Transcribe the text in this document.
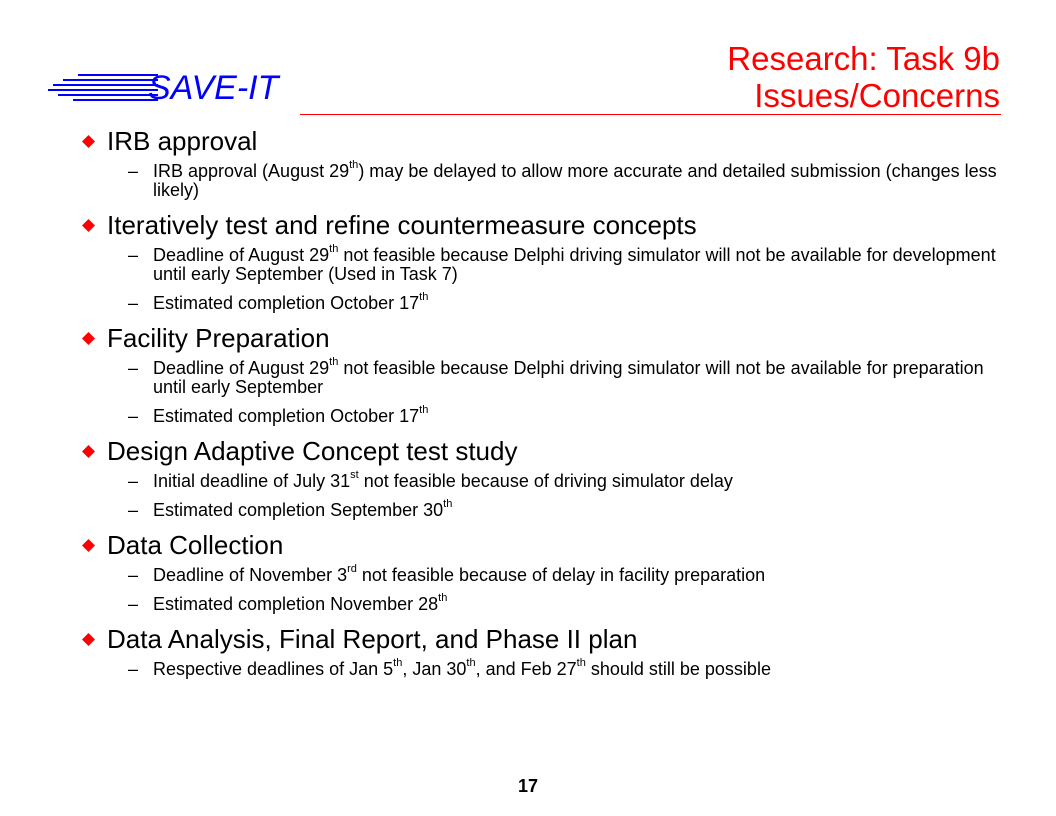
SAVE-IT
Research: Task 9b
Issues/Concerns
IRB approval
– IRB approval (August 29th) may be delayed to allow more accurate and detailed submission (changes less likely)
Iteratively test and refine countermeasure concepts
– Deadline of August 29th not feasible because Delphi driving simulator will not be available for development until early September (Used in Task 7)
– Estimated completion October 17th
Facility Preparation
– Deadline of August 29th not feasible because Delphi driving simulator will not be available for preparation until early September
– Estimated completion October 17th
Design Adaptive Concept test study
– Initial deadline of July 31st not feasible because of driving simulator delay
– Estimated completion September 30th
Data Collection
– Deadline of November 3rd not feasible because of delay in facility preparation
– Estimated completion November 28th
Data Analysis, Final Report, and Phase II plan
– Respective deadlines of Jan 5th, Jan 30th, and Feb 27th should still be possible
17
